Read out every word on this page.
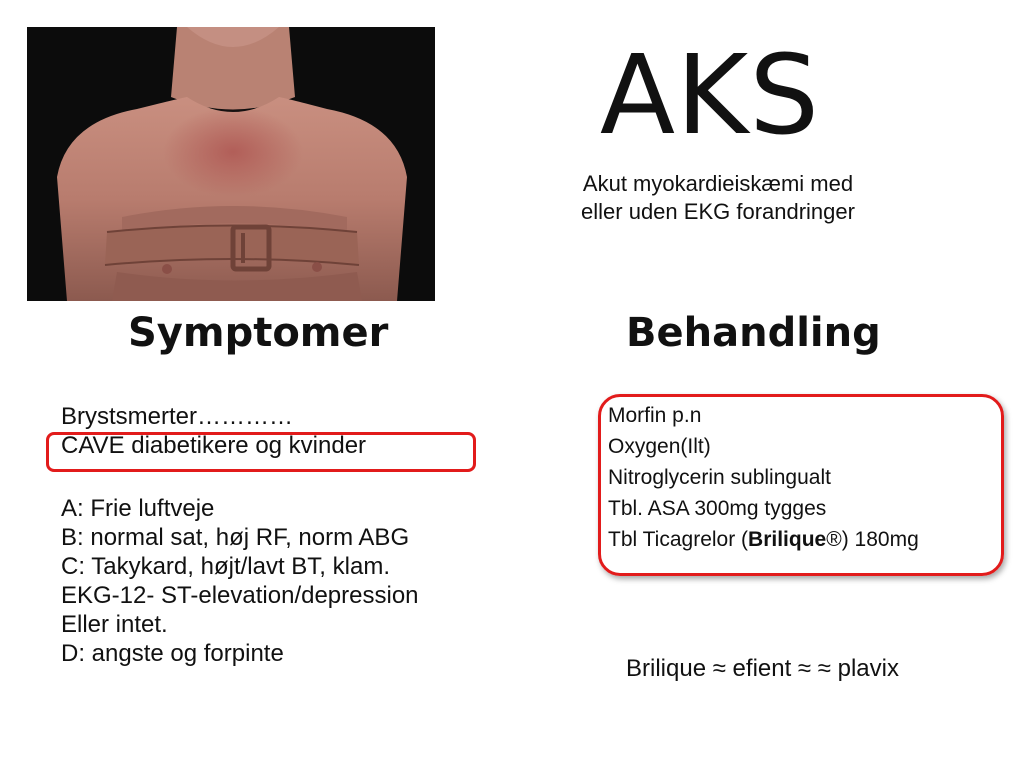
AKS
Akut myokardieiskæmi med
eller uden EKG forandringer
Symptomer	Behandling
Brystsmerter…………
CAVE diabetikere og kvinder
A: Frie luftveje
B: normal sat, høj RF, norm ABG
C: Takykard, højt/lavt BT, klam.
EKG-12- ST-elevation/depression
Eller intet.
D: angste og forpinte
Morfin p.n
Oxygen(Ilt)
Nitroglycerin sublingualt
Tbl. ASA 300mg tygges
Tbl Ticagrelor (Brilique®) 180mg
Brilique ≈ efient ≈ ≈ plavix
